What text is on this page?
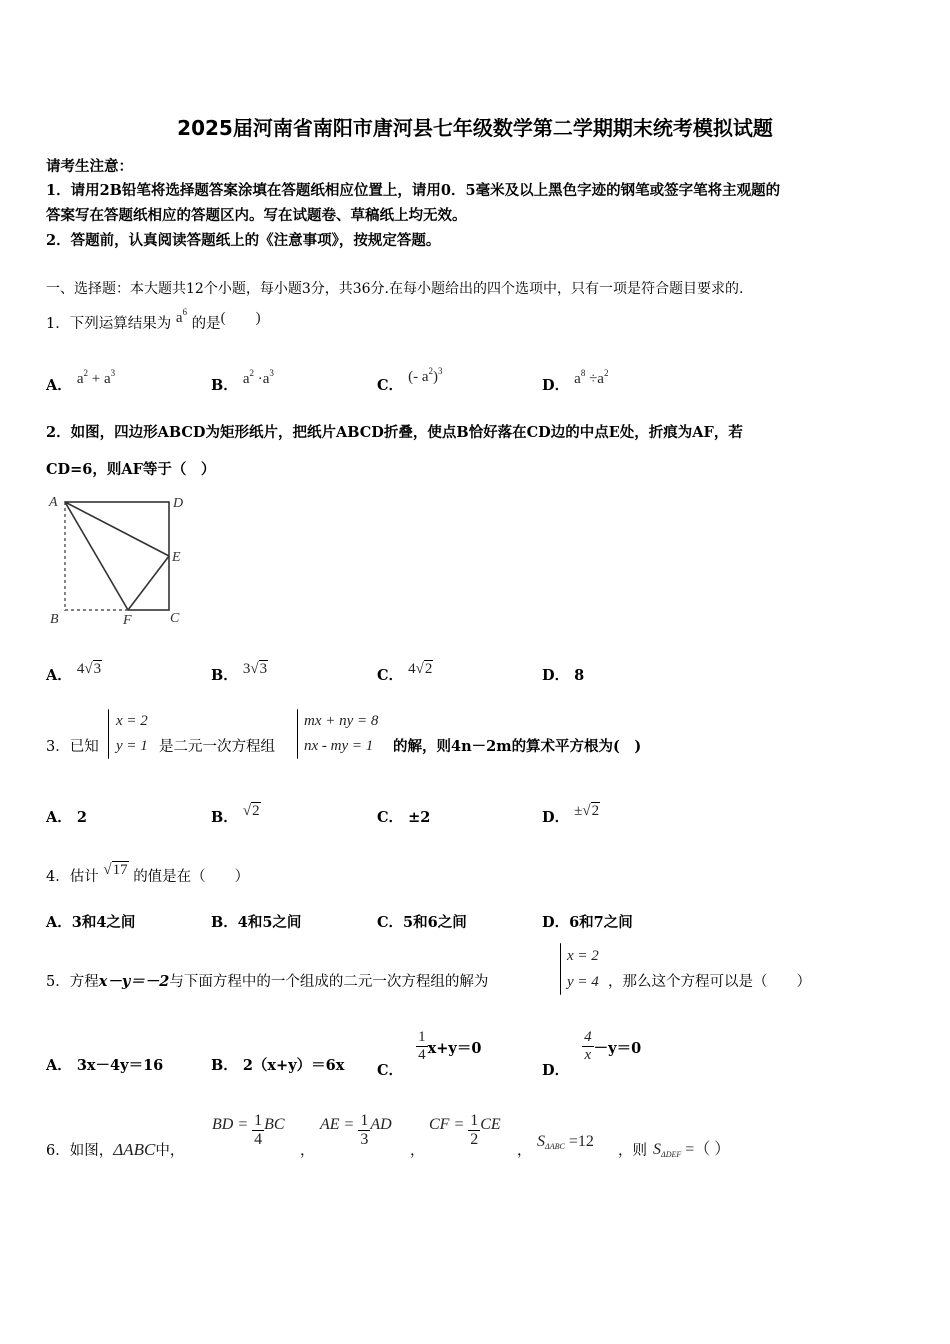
2025届河南省南阳市唐河县七年级数学第二学期期末统考模拟试题
请考生注意：
1．请用2B铅笔将选择题答案涂填在答题纸相应位置上，请用0．5毫米及以上黑色字迹的钢笔或签字笔将主观题的
答案写在答题纸相应的答题区内。写在试题卷、草稿纸上均无效。
2．答题前，认真阅读答题纸上的《注意事项》，按规定答题。
一、选择题：本大题共12个小题，每小题3分，共36分.在每小题给出的四个选项中，只有一项是符合题目要求的.
1．下列运算结果为 $a^6$ 的是(　　)
A． $a^2 + a^3$
B． $a^2 \cdot a^3$
C． (- $a^2)^3$
D． $a^8 \div a^2$
2．如图，四边形ABCD为矩形纸片，把纸片ABCD折叠，使点B恰好落在CD边的中点E处，折痕为AF，若
CD=6，则AF等于（　）
A	D
E
B	F	C
A． 4√3	B． 3√3	C． 4√2	D． 8
3．已知
x = 2
y = 1 是二元一次方程组
mx + ny = 8
nx - my = 1	的解，则4n－2m的算术平方根为(　)
A． 2	B． √2	C． ±2	D． ±√2
4．估计 √17 的值是在（　　）
A．3和4之间	B．4和5之间	C．5和6之间	D．6和7之间
5．方程x－y＝－2与下面方程中的一个组成的二元一次方程组的解为
x = 2
y = 4 ，那么这个方程可以是（　　）
A． 3x－4y＝16	B． 2（x+y）＝6x C．
$\frac{1}{4} x+y=0$
D．
$\frac{4}{x} -y=0$
6．如图，ΔABC中，
BD = $\frac{1}{4}$ BC
，
AE = $\frac{1}{3}$ AD
，
CF = $\frac{1}{2}$ CE
，
$S_{\Delta ABC} =12$
，则 $S_{\Delta DEF}$ =（ ）
